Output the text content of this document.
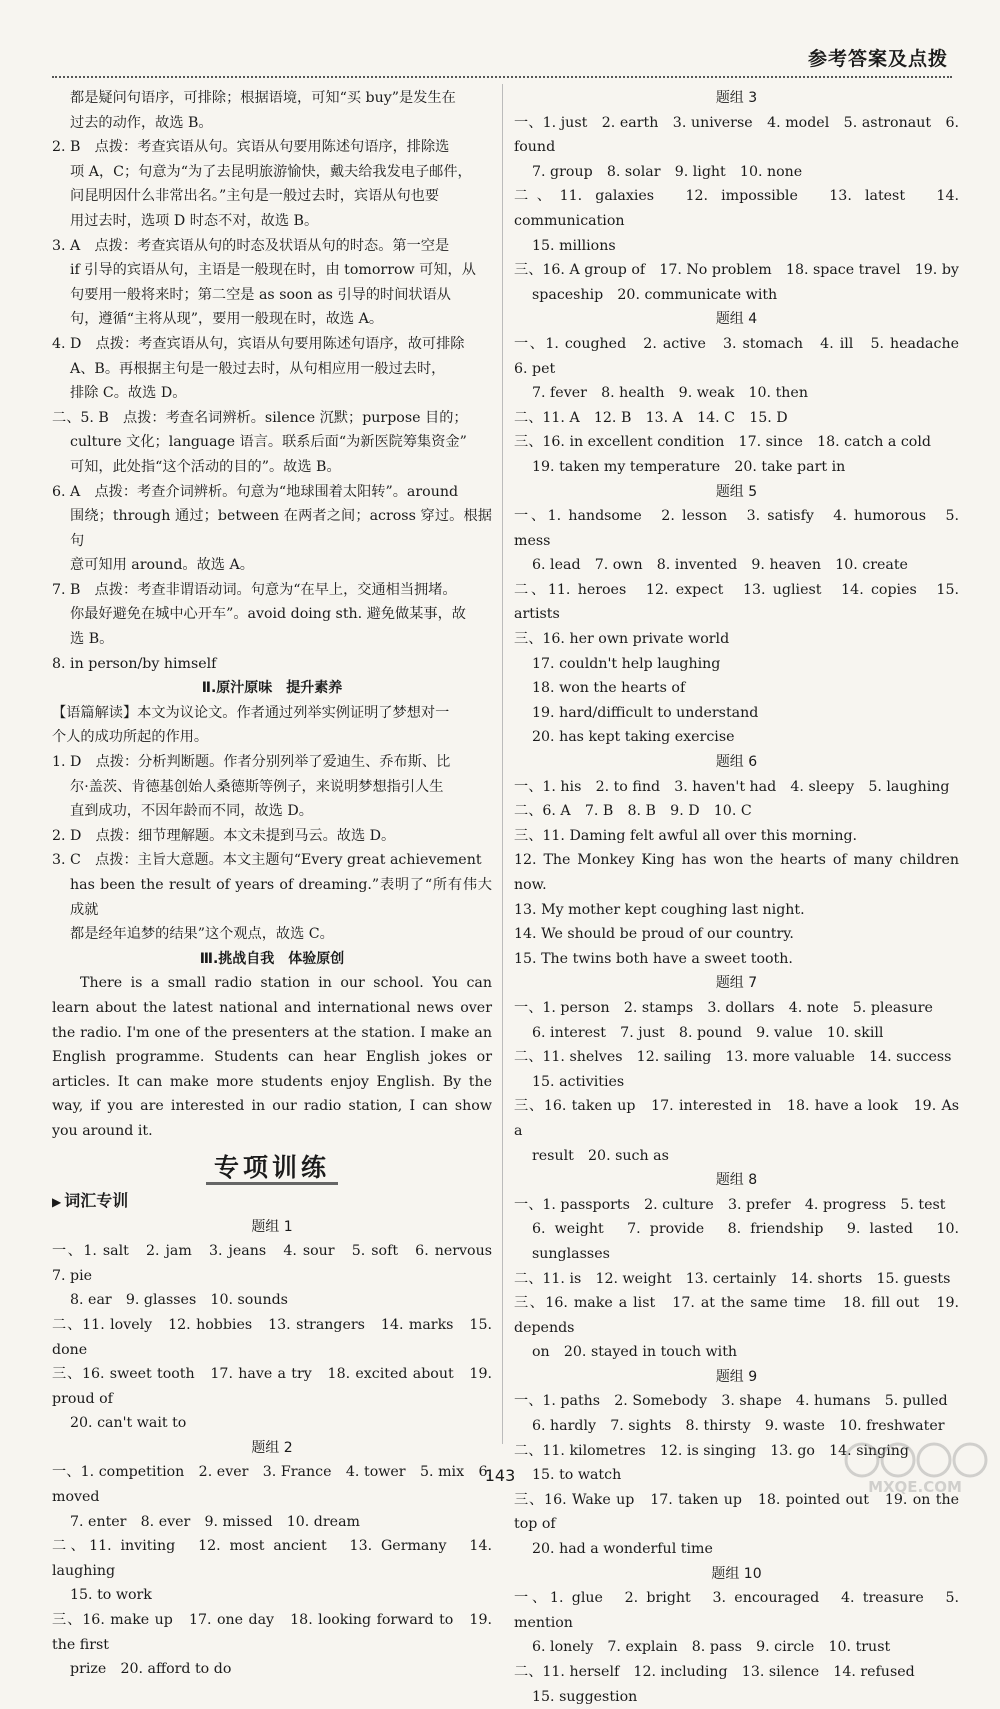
参考答案及点拨

都是疑问句语序，可排除；根据语境，可知“买 buy”是发生在

过去的动作，故选 B。

2. B　点拨：考查宾语从句。宾语从句要用陈述句语序，排除选

项 A，C；句意为“为了去昆明旅游愉快，戴夫给我发电子邮件，

问昆明因什么非常出名。”主句是一般过去时，宾语从句也要

用过去时，选项 D 时态不对，故选 B。

3. A　点拨：考查宾语从句的时态及状语从句的时态。第一空是

if 引导的宾语从句，主语是一般现在时，由 tomorrow 可知，从

句要用一般将来时；第二空是 as soon as 引导的时间状语从

句，遵循“主将从现”，要用一般现在时，故选 A。

4. D　点拨：考查宾语从句，宾语从句要用陈述句语序，故可排除

A、B。再根据主句是一般过去时，从句相应用一般过去时，

排除 C。故选 D。

二、5. B　点拨：考查名词辨析。silence 沉默；purpose 目的；

culture 文化；language 语言。联系后面“为新医院筹集资金”

可知，此处指“这个活动的目的”。故选 B。

6. A　点拨：考查介词辨析。句意为“地球围着太阳转”。around

围绕；through 通过；between 在两者之间；across 穿过。根据句

意可知用 around。故选 A。

7. B　点拨：考查非谓语动词。句意为“在早上，交通相当拥堵。

你最好避免在城中心开车”。avoid doing sth. 避免做某事，故

选 B。

8. in person/by himself

Ⅱ.原汁原味　提升素养

【语篇解读】本文为议论文。作者通过列举实例证明了梦想对一

个人的成功所起的作用。

1. D　点拨：分析判断题。作者分别列举了爱迪生、乔布斯、比

尔·盖茨、肯德基创始人桑德斯等例子，来说明梦想指引人生

直到成功，不因年龄而不同，故选 D。

2. D　点拨：细节理解题。本文未提到马云。故选 D。

3. C　点拨：主旨大意题。本文主题句“Every great achievement

has been the result of years of dreaming.”表明了“所有伟大成就

都是经年追梦的结果”这个观点，故选 C。

Ⅲ.挑战自我　体验原创

There is a small radio station in our school. You can learn about the latest national and international news over the radio. I'm one of the presenters at the station. I make an English programme. Students can hear English jokes or articles. It can make more students enjoy English. By the way, if you are interested in our radio station, I can show you around it.

专项训练

▶ 词汇专训

题组 1

一、1. salt　2. jam　3. jeans　4. sour　5. soft　6. nervous　7. pie

8. ear　9. glasses　10. sounds

二、11. lovely　12. hobbies　13. strangers　14. marks　15. done

三、16. sweet tooth　17. have a try　18. excited about　19. proud of

20. can't wait to

题组 2

一、1. competition　2. ever　3. France　4. tower　5. mix　6. moved

7. enter　8. ever　9. missed　10. dream

二、11. inviting　12. most ancient　13. Germany　14. laughing

15. to work

三、16. make up　17. one day　18. looking forward to　19. the first

prize　20. afford to do

题组 3

一、1. just　2. earth　3. universe　4. model　5. astronaut　6. found

7. group　8. solar　9. light　10. none

二、11. galaxies　12. impossible　13. latest　14. communication

15. millions

三、16. A group of　17. No problem　18. space travel　19. by

spaceship　20. communicate with

题组 4

一、1. coughed　2. active　3. stomach　4. ill　5. headache　6. pet

7. fever　8. health　9. weak　10. then

二、11. A　12. B　13. A　14. C　15. D

三、16. in excellent condition　17. since　18. catch a cold

19. taken my temperature　20. take part in

题组 5

一、1. handsome　2. lesson　3. satisfy　4. humorous　5. mess

6. lead　7. own　8. invented　9. heaven　10. create

二、11. heroes　12. expect　13. ugliest　14. copies　15. artists

三、16. her own private world

17. couldn't help laughing

18. won the hearts of

19. hard/difficult to understand

20. has kept taking exercise

题组 6

一、1. his　2. to find　3. haven't had　4. sleepy　5. laughing

二、6. A　7. B　8. B　9. D　10. C

三、11. Daming felt awful all over this morning.

12. The Monkey King has won the hearts of many children now.

13. My mother kept coughing last night.

14. We should be proud of our country.

15. The twins both have a sweet tooth.

题组 7

一、1. person　2. stamps　3. dollars　4. note　5. pleasure

6. interest　7. just　8. pound　9. value　10. skill

二、11. shelves　12. sailing　13. more valuable　14. success

15. activities

三、16. taken up　17. interested in　18. have a look　19. As a

result　20. such as

题组 8

一、1. passports　2. culture　3. prefer　4. progress　5. test

6. weight　7. provide　8. friendship　9. lasted　10. sunglasses

二、11. is　12. weight　13. certainly　14. shorts　15. guests

三、16. make a list　17. at the same time　18. fill out　19. depends

on　20. stayed in touch with

题组 9

一、1. paths　2. Somebody　3. shape　4. humans　5. pulled

6. hardly　7. sights　8. thirsty　9. waste　10. freshwater

二、11. kilometres　12. is singing　13. go　14. singing

15. to watch

三、16. Wake up　17. taken up　18. pointed out　19. on the top of

20. had a wonderful time

题组 10

一、1. glue　2. bright　3. encouraged　4. treasure　5. mention

6. lonely　7. explain　8. pass　9. circle　10. trust

二、11. herself　12. including　13. silence　14. refused

15. suggestion

143
MXQE.COM
